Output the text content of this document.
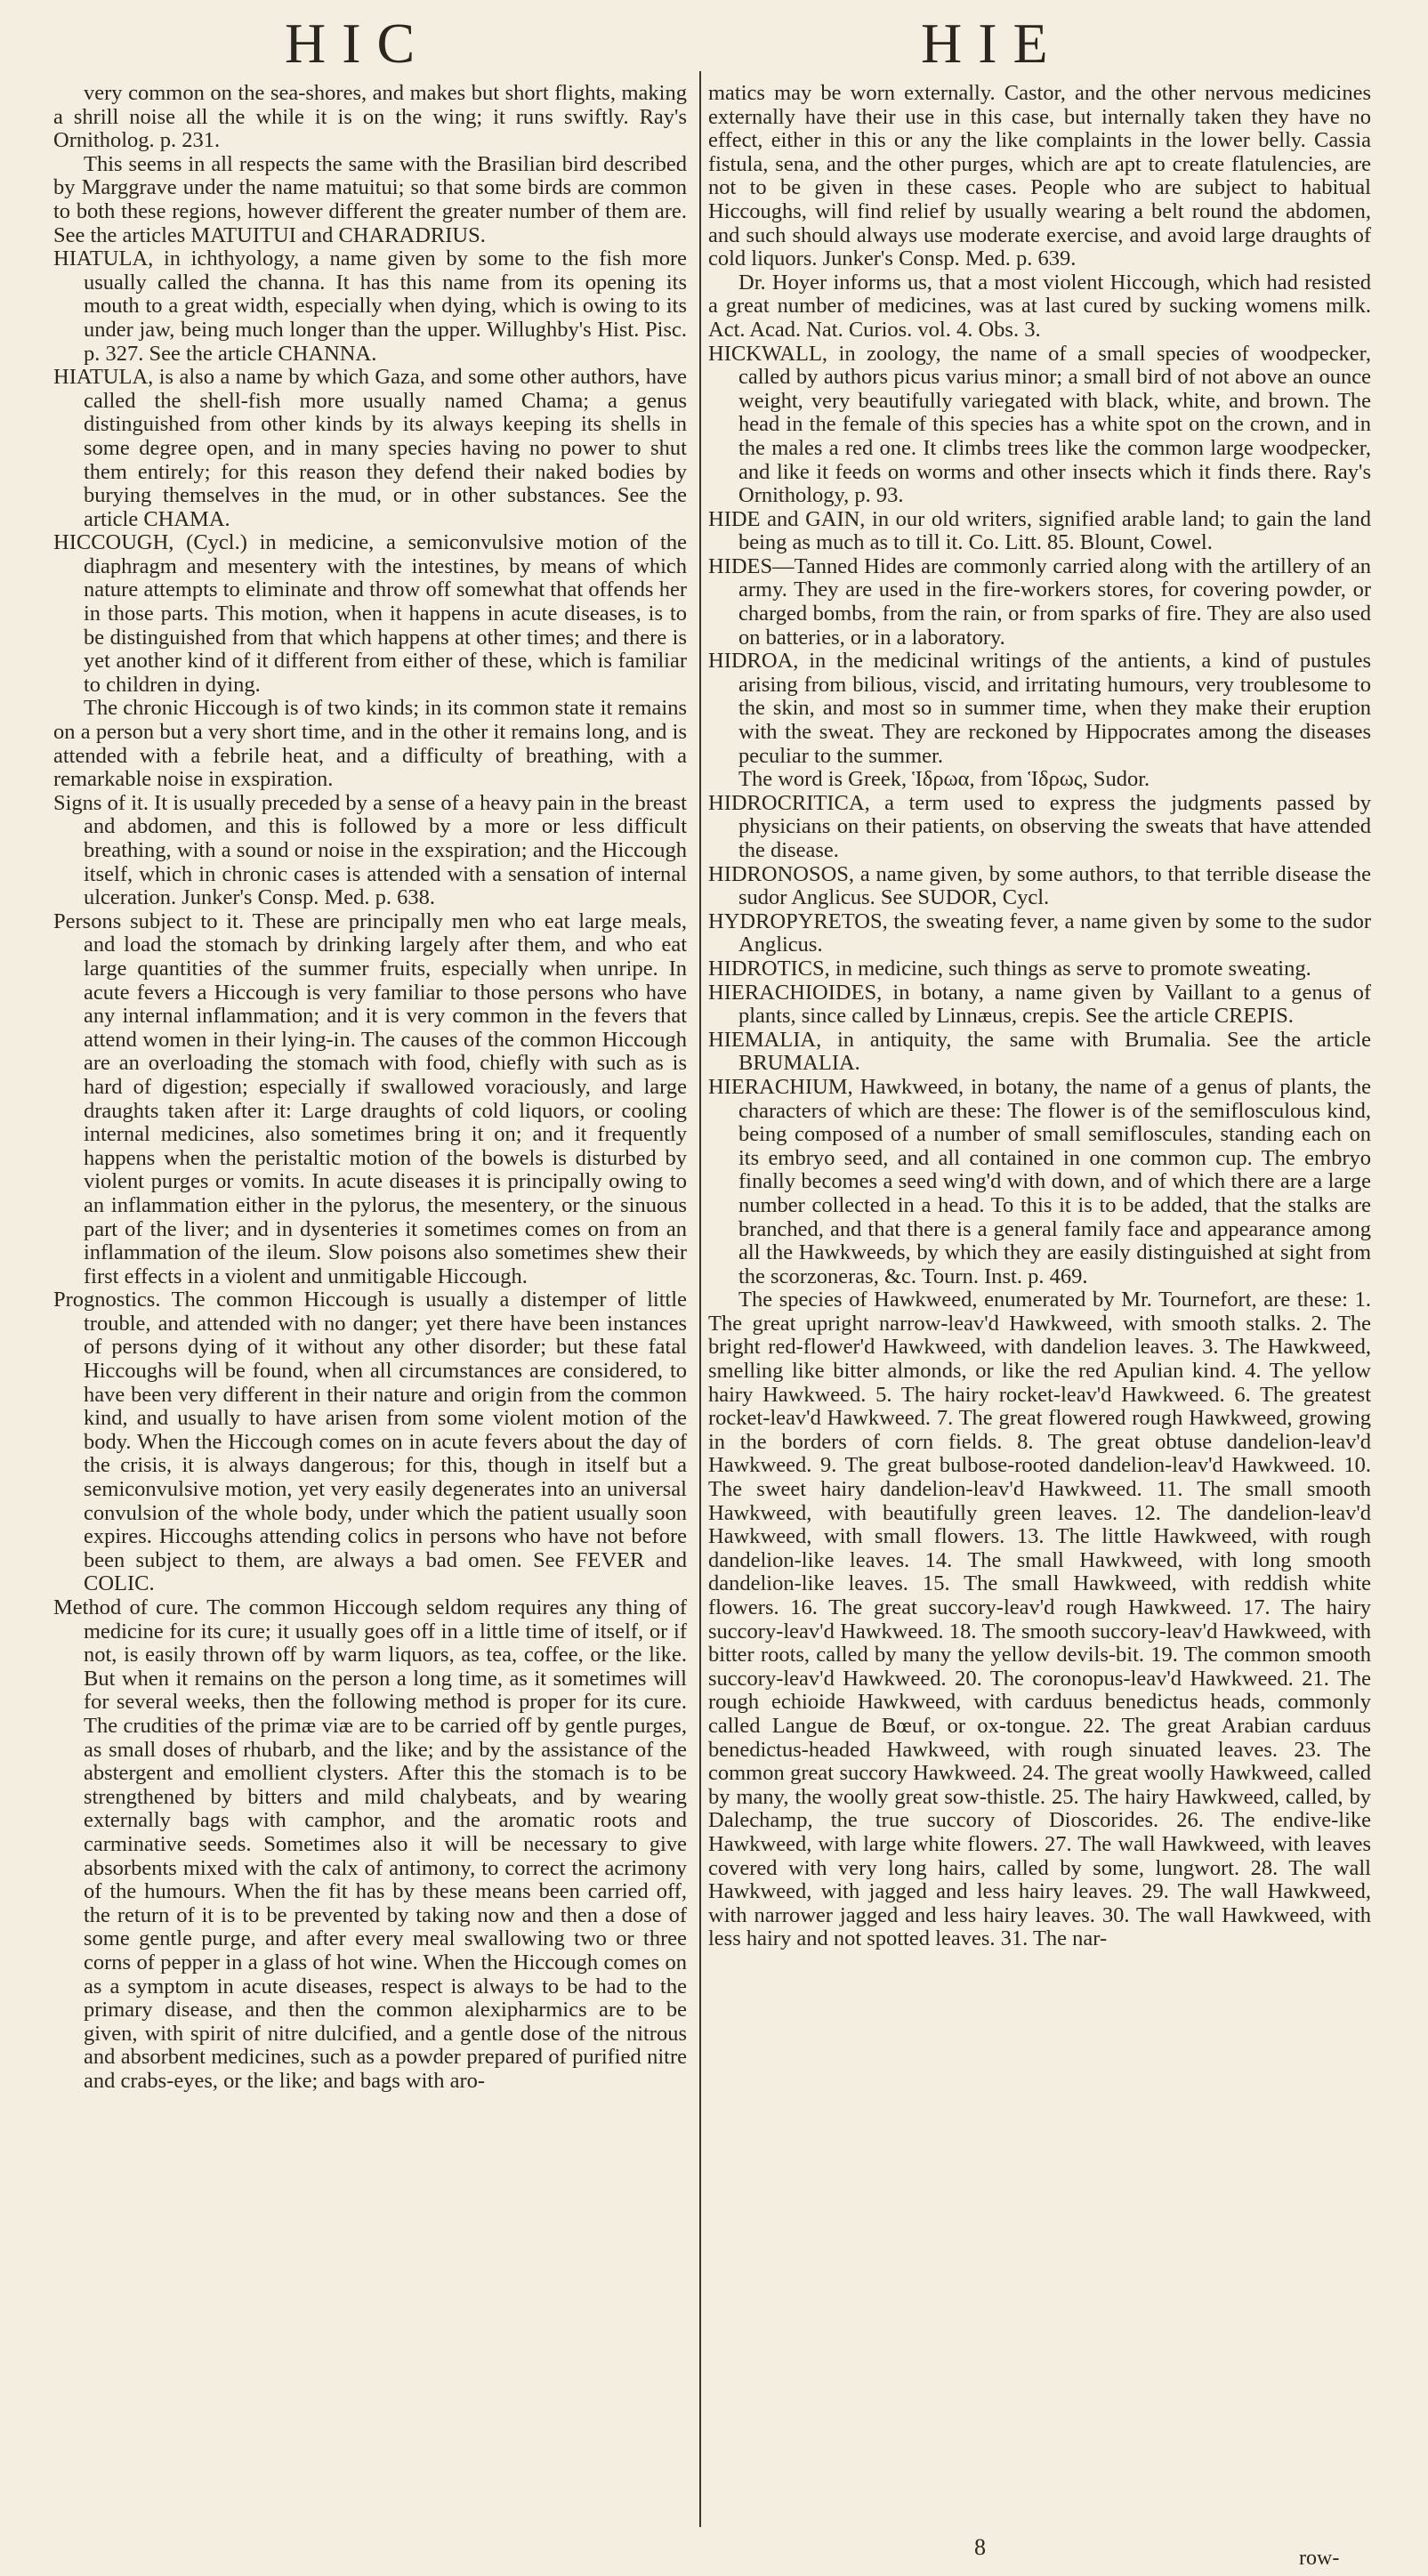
HIC	HIE

very common on the sea-shores, and makes but short flights, making a shrill noise all the while it is on the wing; it runs swiftly. Ray's Ornitholog. p. 231.

This seems in all respects the same with the Brasilian bird described by Marggrave under the name matuitui; so that some birds are common to both these regions, however different the greater number of them are. See the articles MATUITUI and CHARADRIUS.

HIATULA, in ichthyology, a name given by some to the fish more usually called the channa. It has this name from its opening its mouth to a great width, especially when dying, which is owing to its under jaw, being much longer than the upper. Willughby's Hist. Pisc. p. 327. See the article CHANNA.

HIATULA, is also a name by which Gaza, and some other authors, have called the shell-fish more usually named Chama; a genus distinguished from other kinds by its always keeping its shells in some degree open, and in many species having no power to shut them entirely; for this reason they defend their naked bodies by burying themselves in the mud, or in other substances. See the article CHAMA.

HICCOUGH, (Cycl.) in medicine, a semiconvulsive motion of the diaphragm and mesentery with the intestines, by means of which nature attempts to eliminate and throw off somewhat that offends her in those parts. This motion, when it happens in acute diseases, is to be distinguished from that which happens at other times; and there is yet another kind of it different from either of these, which is familiar to children in dying.

The chronic Hiccough is of two kinds; in its common state it remains on a person but a very short time, and in the other it remains long, and is attended with a febrile heat, and a difficulty of breathing, with a remarkable noise in exspiration.

Signs of it. It is usually preceded by a sense of a heavy pain in the breast and abdomen, and this is followed by a more or less difficult breathing, with a sound or noise in the exspiration; and the Hiccough itself, which in chronic cases is attended with a sensation of internal ulceration. Junker's Consp. Med. p. 638.

Persons subject to it. These are principally men who eat large meals, and load the stomach by drinking largely after them, and who eat large quantities of the summer fruits, especially when unripe. In acute fevers a Hiccough is very familiar to those persons who have any internal inflammation; and it is very common in the fevers that attend women in their lying-in. The causes of the common Hiccough are an overloading the stomach with food, chiefly with such as is hard of digestion; especially if swallowed voraciously, and large draughts taken after it: Large draughts of cold liquors, or cooling internal medicines, also sometimes bring it on; and it frequently happens when the peristaltic motion of the bowels is disturbed by violent purges or vomits. In acute diseases it is principally owing to an inflammation either in the pylorus, the mesentery, or the sinuous part of the liver; and in dysenteries it sometimes comes on from an inflammation of the ileum. Slow poisons also sometimes shew their first effects in a violent and unmitigable Hiccough.

Prognostics. The common Hiccough is usually a distemper of little trouble, and attended with no danger; yet there have been instances of persons dying of it without any other disorder; but these fatal Hiccoughs will be found, when all circumstances are considered, to have been very different in their nature and origin from the common kind, and usually to have arisen from some violent motion of the body. When the Hiccough comes on in acute fevers about the day of the crisis, it is always dangerous; for this, though in itself but a semiconvulsive motion, yet very easily degenerates into an universal convulsion of the whole body, under which the patient usually soon expires. Hiccoughs attending colics in persons who have not before been subject to them, are always a bad omen. See FEVER and COLIC.

Method of cure. The common Hiccough seldom requires any thing of medicine for its cure; it usually goes off in a little time of itself, or if not, is easily thrown off by warm liquors, as tea, coffee, or the like. But when it remains on the person a long time, as it sometimes will for several weeks, then the following method is proper for its cure. The crudities of the primæ viæ are to be carried off by gentle purges, as small doses of rhubarb, and the like; and by the assistance of the abstergent and emollient clysters. After this the stomach is to be strengthened by bitters and mild chalybeats, and by wearing externally bags with camphor, and the aromatic roots and carminative seeds. Sometimes also it will be necessary to give absorbents mixed with the calx of antimony, to correct the acrimony of the humours. When the fit has by these means been carried off, the return of it is to be prevented by taking now and then a dose of some gentle purge, and after every meal swallowing two or three corns of pepper in a glass of hot wine. When the Hiccough comes on as a symptom in acute diseases, respect is always to be had to the primary disease, and then the common alexipharmics are to be given, with spirit of nitre dulcified, and a gentle dose of the nitrous and absorbent medicines, such as a powder prepared of purified nitre and crabs-eyes, or the like; and bags with aro-

matics may be worn externally. Castor, and the other nervous medicines externally have their use in this case, but internally taken they have no effect, either in this or any the like complaints in the lower belly. Cassia fistula, sena, and the other purges, which are apt to create flatulencies, are not to be given in these cases. People who are subject to habitual Hiccoughs, will find relief by usually wearing a belt round the abdomen, and such should always use moderate exercise, and avoid large draughts of cold liquors. Junker's Consp. Med. p. 639.

Dr. Hoyer informs us, that a most violent Hiccough, which had resisted a great number of medicines, was at last cured by sucking womens milk. Act. Acad. Nat. Curios. vol. 4. Obs. 3.

HICKWALL, in zoology, the name of a small species of woodpecker, called by authors picus varius minor; a small bird of not above an ounce weight, very beautifully variegated with black, white, and brown. The head in the female of this species has a white spot on the crown, and in the males a red one. It climbs trees like the common large woodpecker, and like it feeds on worms and other insects which it finds there. Ray's Ornithology, p. 93.

HIDE and GAIN, in our old writers, signified arable land; to gain the land being as much as to till it. Co. Litt. 85. Blount, Cowel.

HIDES—Tanned Hides are commonly carried along with the artillery of an army. They are used in the fire-workers stores, for covering powder, or charged bombs, from the rain, or from sparks of fire. They are also used on batteries, or in a laboratory.

HIDROA, in the medicinal writings of the antients, a kind of pustules arising from bilious, viscid, and irritating humours, very troublesome to the skin, and most so in summer time, when they make their eruption with the sweat. They are reckoned by Hippocrates among the diseases peculiar to the summer.

The word is Greek, Ἱδρωα, from Ἱδρως, Sudor.

HIDROCRITICA, a term used to express the judgments passed by physicians on their patients, on observing the sweats that have attended the disease.

HIDRONOSOS, a name given, by some authors, to that terrible disease the sudor Anglicus. See SUDOR, Cycl.

HYDROPYRETOS, the sweating fever, a name given by some to the sudor Anglicus.

HIDROTICS, in medicine, such things as serve to promote sweating.

HIERACHIOIDES, in botany, a name given by Vaillant to a genus of plants, since called by Linnæus, crepis. See the article CREPIS.

HIEMALIA, in antiquity, the same with Brumalia. See the article BRUMALIA.

HIERACHIUM, Hawkweed, in botany, the name of a genus of plants, the characters of which are these: The flower is of the semiflosculous kind, being composed of a number of small semifloscules, standing each on its embryo seed, and all contained in one common cup. The embryo finally becomes a seed wing'd with down, and of which there are a large number collected in a head. To this it is to be added, that the stalks are branched, and that there is a general family face and appearance among all the Hawkweeds, by which they are easily distinguished at sight from the scorzoneras, &c. Tourn. Inst. p. 469.

The species of Hawkweed, enumerated by Mr. Tournefort, are these: 1. The great upright narrow-leav'd Hawkweed, with smooth stalks. 2. The bright red-flower'd Hawkweed, with dandelion leaves. 3. The Hawkweed, smelling like bitter almonds, or like the red Apulian kind. 4. The yellow hairy Hawkweed. 5. The hairy rocket-leav'd Hawkweed. 6. The greatest rocket-leav'd Hawkweed. 7. The great flowered rough Hawkweed, growing in the borders of corn fields. 8. The great obtuse dandelion-leav'd Hawkweed. 9. The great bulbose-rooted dandelion-leav'd Hawkweed. 10. The sweet hairy dandelion-leav'd Hawkweed. 11. The small smooth Hawkweed, with beautifully green leaves. 12. The dandelion-leav'd Hawkweed, with small flowers. 13. The little Hawkweed, with rough dandelion-like leaves. 14. The small Hawkweed, with long smooth dandelion-like leaves. 15. The small Hawkweed, with reddish white flowers. 16. The great succory-leav'd rough Hawkweed. 17. The hairy succory-leav'd Hawkweed. 18. The smooth succory-leav'd Hawkweed, with bitter roots, called by many the yellow devils-bit. 19. The common smooth succory-leav'd Hawkweed. 20. The coronopus-leav'd Hawkweed. 21. The rough echioide Hawkweed, with carduus benedictus heads, commonly called Langue de Bœuf, or ox-tongue. 22. The great Arabian carduus benedictus-headed Hawkweed, with rough sinuated leaves. 23. The common great succory Hawkweed. 24. The great woolly Hawkweed, called by many, the woolly great sow-thistle. 25. The hairy Hawkweed, called, by Dalechamp, the true succory of Dioscorides. 26. The endive-like Hawkweed, with large white flowers. 27. The wall Hawkweed, with leaves covered with very long hairs, called by some, lungwort. 28. The wall Hawkweed, with jagged and less hairy leaves. 29. The wall Hawkweed, with narrower jagged and less hairy leaves. 30. The wall Hawkweed, with less hairy and not spotted leaves. 31. The nar-

8	row-
